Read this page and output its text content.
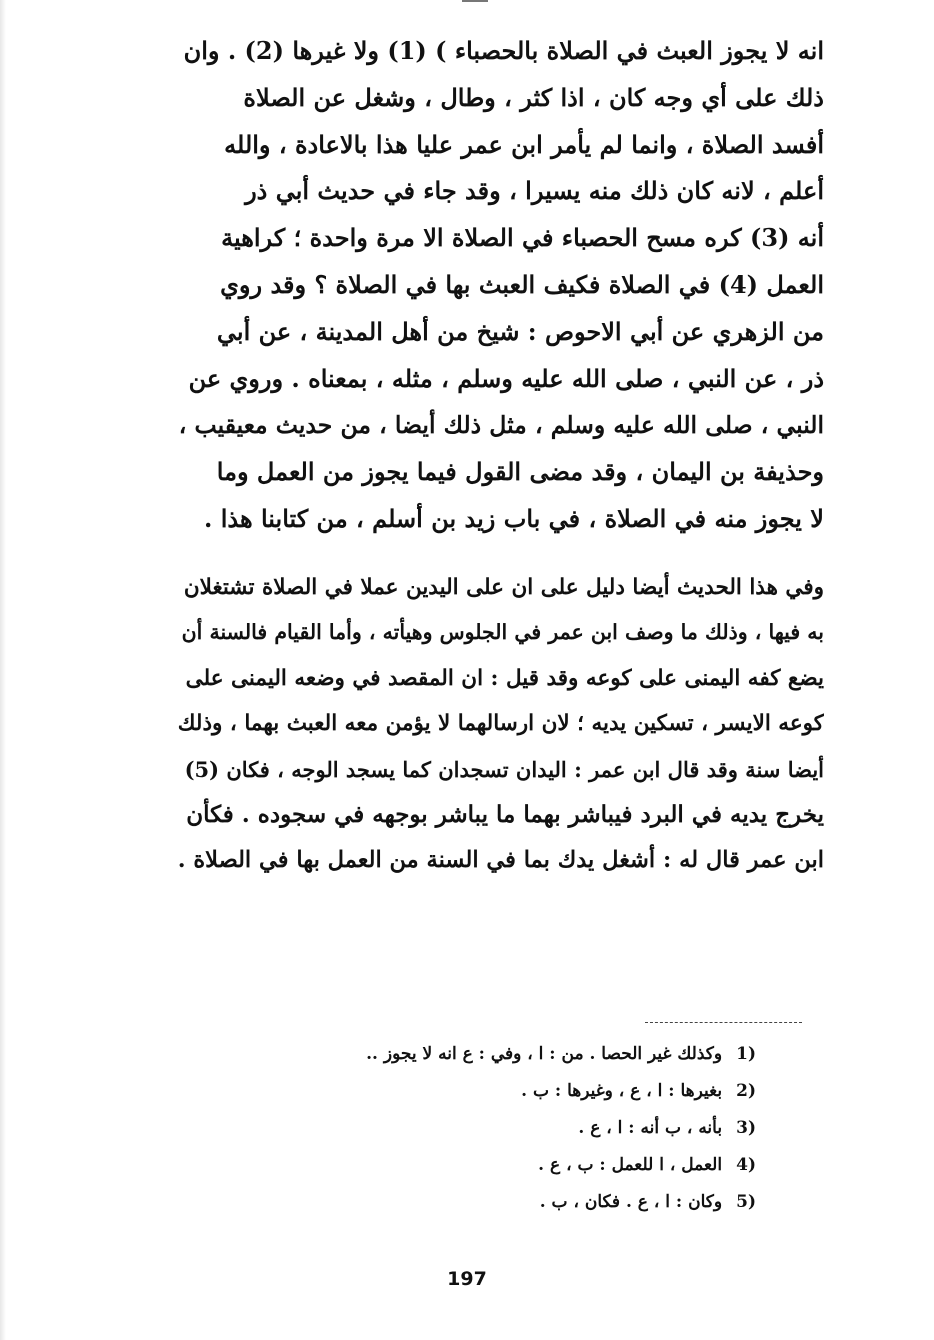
انه لا يجوز العبث في الصلاة بالحصباء ) (1) ولا غيرها (2) . وان
ذلك على أي وجه كان ، اذا كثر ، وطال ، وشغل عن الصلاة
أفسد الصلاة ، وانما لم يأمر ابن عمر عليا هذا بالاعادة ، والله
أعلم ، لانه كان ذلك منه يسيرا ، وقد جاء في حديث أبي ذر
أنه (3) كره مسح الحصباء في الصلاة الا مرة واحدة ؛ كراهية
العمل (4) في الصلاة فكيف العبث بها في الصلاة ؟ وقد روي
من الزهري عن أبي الاحوص : شيخ من أهل المدينة ، عن أبي
ذر ، عن النبي ، صلى الله عليه وسلم ، مثله ، بمعناه . وروي عن
النبي ، صلى الله عليه وسلم ، مثل ذلك أيضا ، من حديث معيقيب ،
وحذيفة بن اليمان ، وقد مضى القول فيما يجوز من العمل وما
لا يجوز منه في الصلاة ، في باب زيد بن أسلم ، من كتابنا هذا .

وفي هذا الحديث أيضا دليل على ان على اليدين عملا في الصلاة تشتغلان
به فيها ، وذلك ما وصف ابن عمر في الجلوس وهيأته ، وأما القيام فالسنة أن
يضع كفه اليمنى على كوعه وقد قيل : ان المقصد في وضعه اليمنى على
كوعه الايسر ، تسكين يديه ؛ لان ارسالهما لا يؤمن معه العبث بهما ، وذلك
أيضا سنة وقد قال ابن عمر : اليدان تسجدان كما يسجد الوجه ، فكان (5)
يخرج يديه في البرد فيباشر بهما ما يباشر بوجهه في سجوده . فكأن
ابن عمر قال له : أشغل يدك بما في السنة من العمل بها في الصلاة .

1) وكذلك غير الحصا . من : ا ، وفي : ع انه لا يجوز ..
2) بغيرها : ا ، ع ، وغيرها : ب .
3) بأنه ، ب أنه : ا ، ع .
4) العمل ، ا للعمل : ب ، ع .
5) وكان : ا ، ع . فكان ، ب .
197
